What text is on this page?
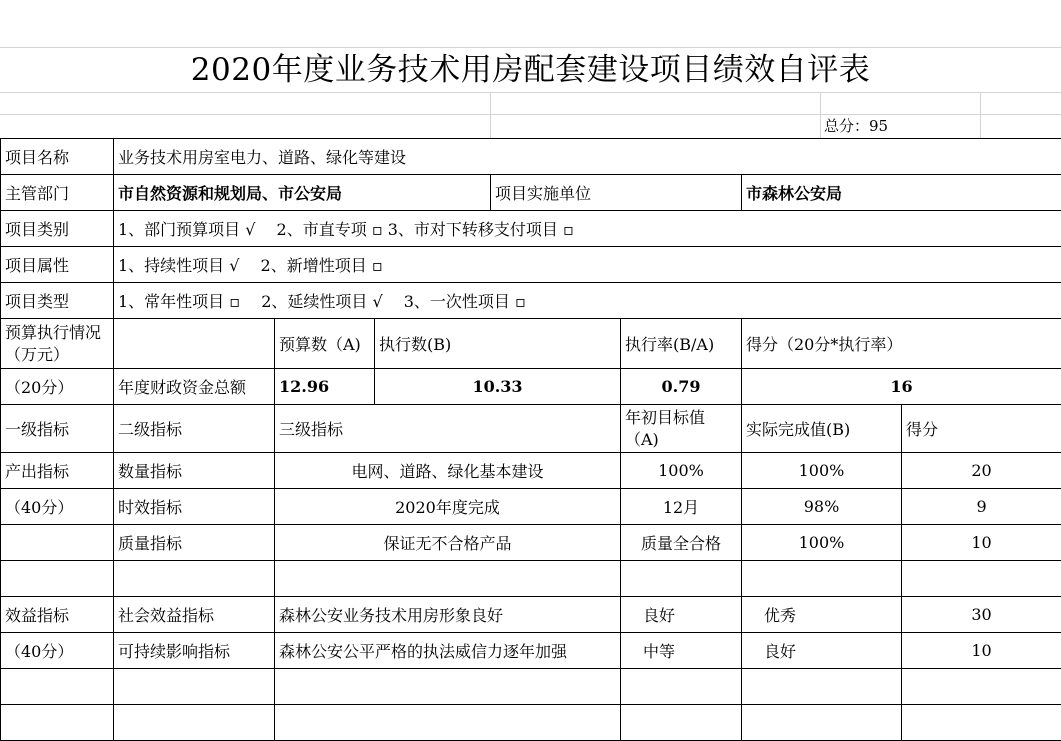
2020年度业务技术用房配套建设项目绩效自评表
总分：95
项目名称	业务技术用房室电力、道路、绿化等建设						
主管部门	市自然资源和规划局、市公安局			项目实施单位		市森林公安局	
项目类别	1、部门预算项目 √　 2、市直专项 ▫ 3、市对下转移支付项目 ▫						
项目属性	1、持续性项目 √　 2、新增性项目 ▫						
项目类型	1、常年性项目 ▫　 2、延续性项目 √　 3、一次性项目 ▫						
预算执行情况（万元）		预算数（A)	执行数(B)		执行率(B/A)	得分（20分*执行率）	
（20分）	年度财政资金总额	12.96	10.33		0.79	16	
一级指标	二级指标	三级指标			年初目标值（A)	实际完成值(B)	得分
产出指标	数量指标	电网、道路、绿化基本建设			100%	100%	20
（40分）	时效指标	2020年度完成			12月	98%	9
	质量指标	保证无不合格产品			质量全合格	100%	10

效益指标	社会效益指标	森林公安业务技术用房形象良好			良好	优秀	30
（40分）	可持续影响指标	森林公安公平严格的执法威信力逐年加强			中等	良好	10
